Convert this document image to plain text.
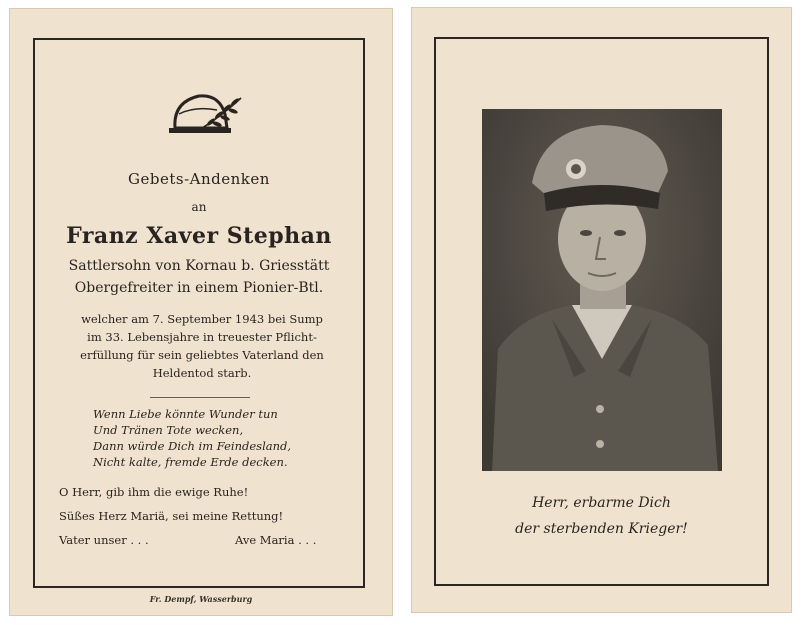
Gebets-Andenken
an
Franz Xaver Stephan
Sattlersohn von Kornau b. Griesstätt
Obergefreiter in einem Pionier-Btl.
welcher am 7. September 1943 bei Sump
im 33. Lebensjahre in treuester Pflicht-
erfüllung für sein geliebtes Vaterland den
Heldentod starb.
Wenn Liebe könnte Wunder tun
Und Tränen Tote wecken,
Dann würde Dich im Feindesland,
Nicht kalte, fremde Erde decken.
O Herr, gib ihm die ewige Ruhe!
Süßes Herz Mariä, sei meine Rettung!
Vater unser . . .	Ave Maria . . .
Fr. Dempf, Wasserburg
Herr, erbarme Dich
der sterbenden Krieger!
